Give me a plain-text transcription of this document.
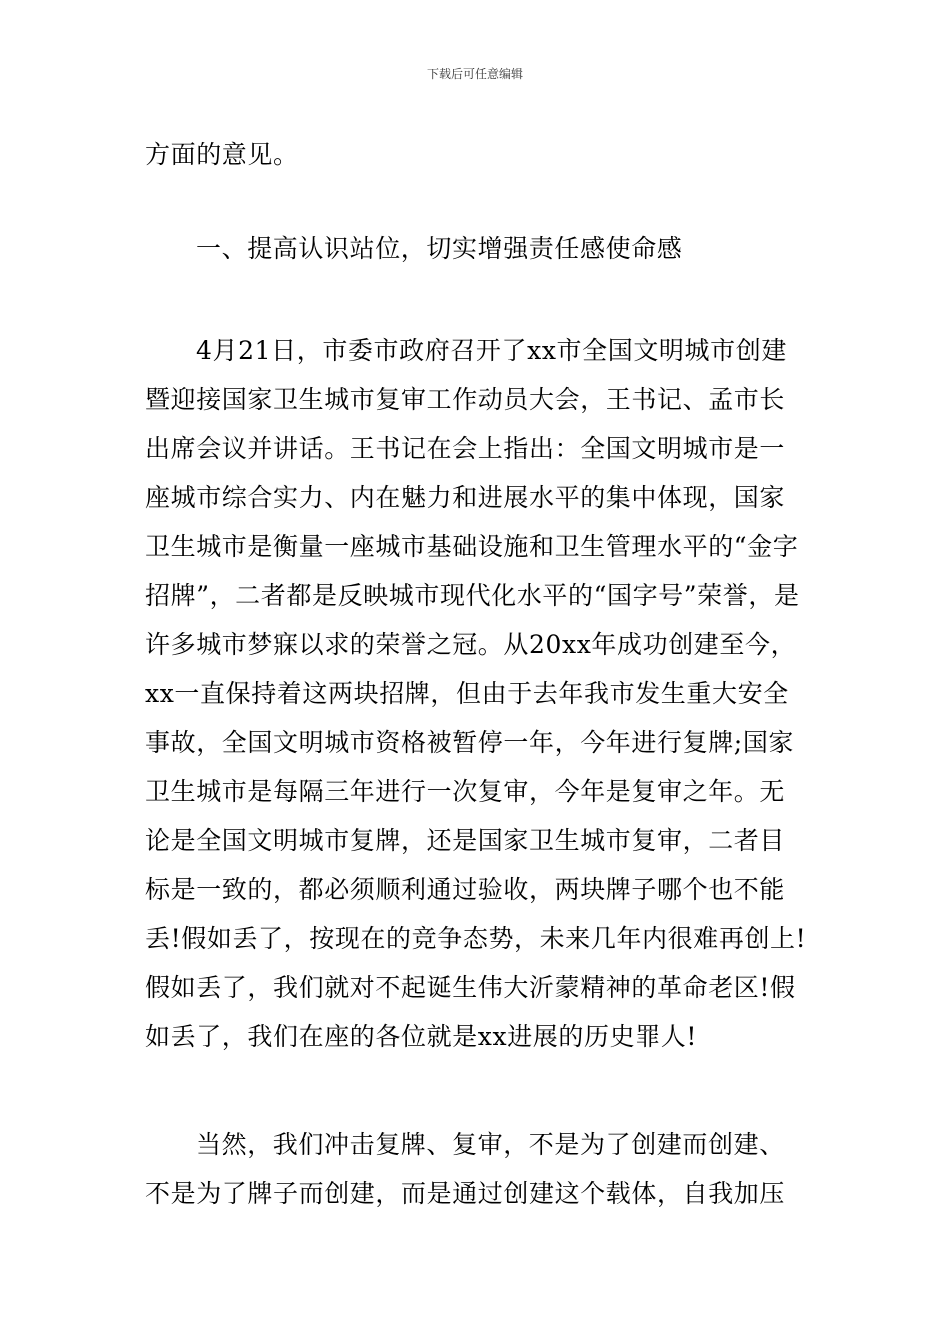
下载后可任意编辑

方面的意见。

一、提高认识站位，切实增强责任感使命感

4月21日，市委市政府召开了xx市全国文明城市创建暨迎接国家卫生城市复审工作动员大会，王书记、孟市长出席会议并讲话。王书记在会上指出：全国文明城市是一座城市综合实力、内在魅力和进展水平的集中体现，国家卫生城市是衡量一座城市基础设施和卫生管理水平的“金字招牌”，二者都是反映城市现代化水平的“国字号”荣誉，是许多城市梦寐以求的荣誉之冠。从20xx年成功创建至今，xx一直保持着这两块招牌，但由于去年我市发生重大安全事故，全国文明城市资格被暂停一年，今年进行复牌;国家卫生城市是每隔三年进行一次复审，今年是复审之年。无论是全国文明城市复牌，还是国家卫生城市复审，二者目标是一致的，都必须顺利通过验收，两块牌子哪个也不能丢!假如丢了，按现在的竞争态势，未来几年内很难再创上!假如丢了，我们就对不起诞生伟大沂蒙精神的革命老区!假如丢了，我们在座的各位就是xx进展的历史罪人!

当然，我们冲击复牌、复审，不是为了创建而创建、不是为了牌子而创建，而是通过创建这个载体，自我加压
